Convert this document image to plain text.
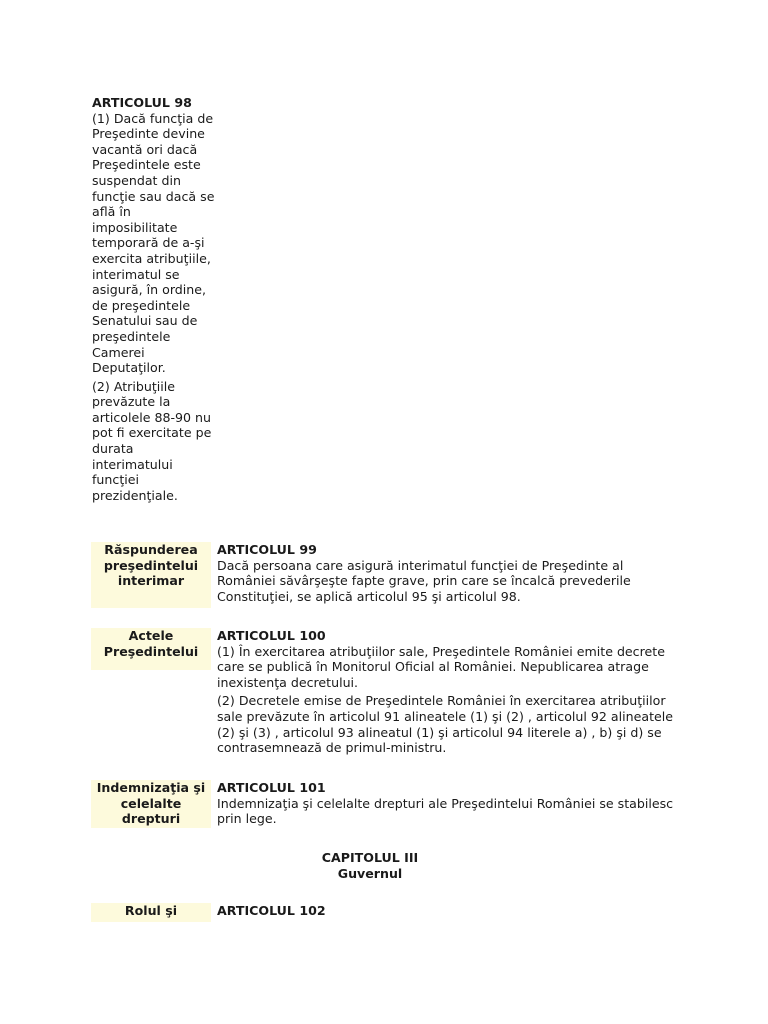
ARTICOLUL 98

(1) Dacă funcţia de Preşedinte devine vacantă ori dacă Preşedintele este suspendat din funcţie sau dacă se află în imposibilitate temporară de a-şi exercita atribuţiile, interimatul se asigură, în ordine, de preşedintele Senatului sau de preşedintele Camerei Deputaţilor.

(2) Atribuţiile prevăzute la articolele 88-90 nu pot fi exercitate pe durata interimatului funcţiei prezidenţiale.

Răspunderea preşedintelui interimar
ARTICOLUL 99

Dacă persoana care asigură interimatul funcţiei de Preşedinte al României săvârşeşte fapte grave, prin care se încalcă prevederile Constituţiei, se aplică articolul 95 şi articolul 98.

Actele Preşedintelui
ARTICOLUL 100

(1) În exercitarea atribuţiilor sale, Preşedintele României emite decrete care se publică în Monitorul Oficial al României. Nepublicarea atrage inexistenţa decretului.

(2) Decretele emise de Preşedintele României în exercitarea atribuţiilor sale prevăzute în articolul 91 alineatele (1) şi (2) , articolul 92 alineatele (2) şi (3) , articolul 93 alineatul (1) şi articolul 94 literele a) , b) şi d) se contrasemnează de primul-ministru.

Indemnizaţia şi celelalte drepturi
ARTICOLUL 101

Indemnizaţia şi celelalte drepturi ale Preşedintelui României se stabilesc prin lege.

CAPITOLUL III
Guvernul
Rolul şi	ARTICOLUL 102
